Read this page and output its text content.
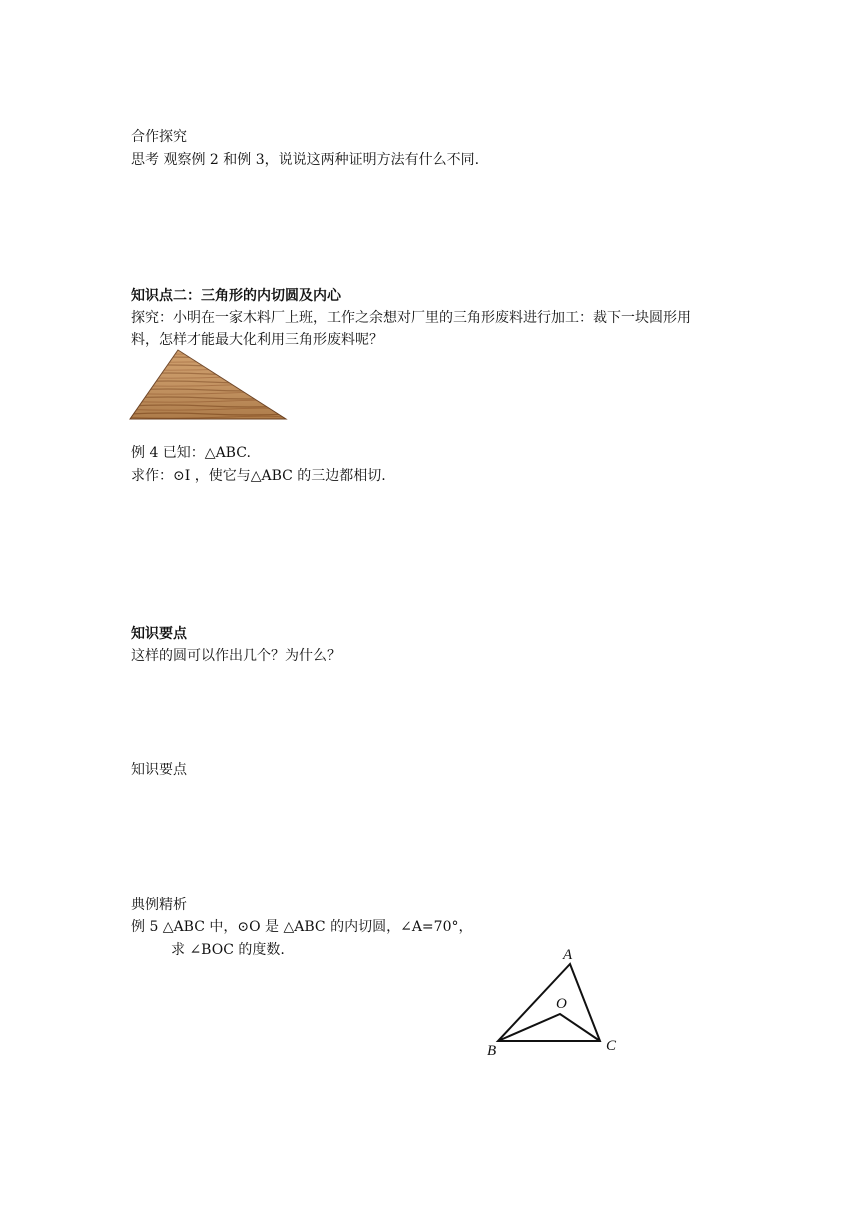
合作探究
思考 观察例 2 和例 3，说说这两种证明方法有什么不同.
知识点二：三角形的内切圆及内心
探究：小明在一家木料厂上班，工作之余想对厂里的三角形废料进行加工：裁下一块圆形用
料，怎样才能最大化利用三角形废料呢？
例 4 已知：△ABC.
求作：⊙I ，使它与△ABC 的三边都相切.
知识要点
这样的圆可以作出几个？为什么？
知识要点
典例精析
例 5 △ABC 中，⊙O 是 △ABC 的内切圆，∠A=70°，
求 ∠BOC 的度数.	A
O
B	C
